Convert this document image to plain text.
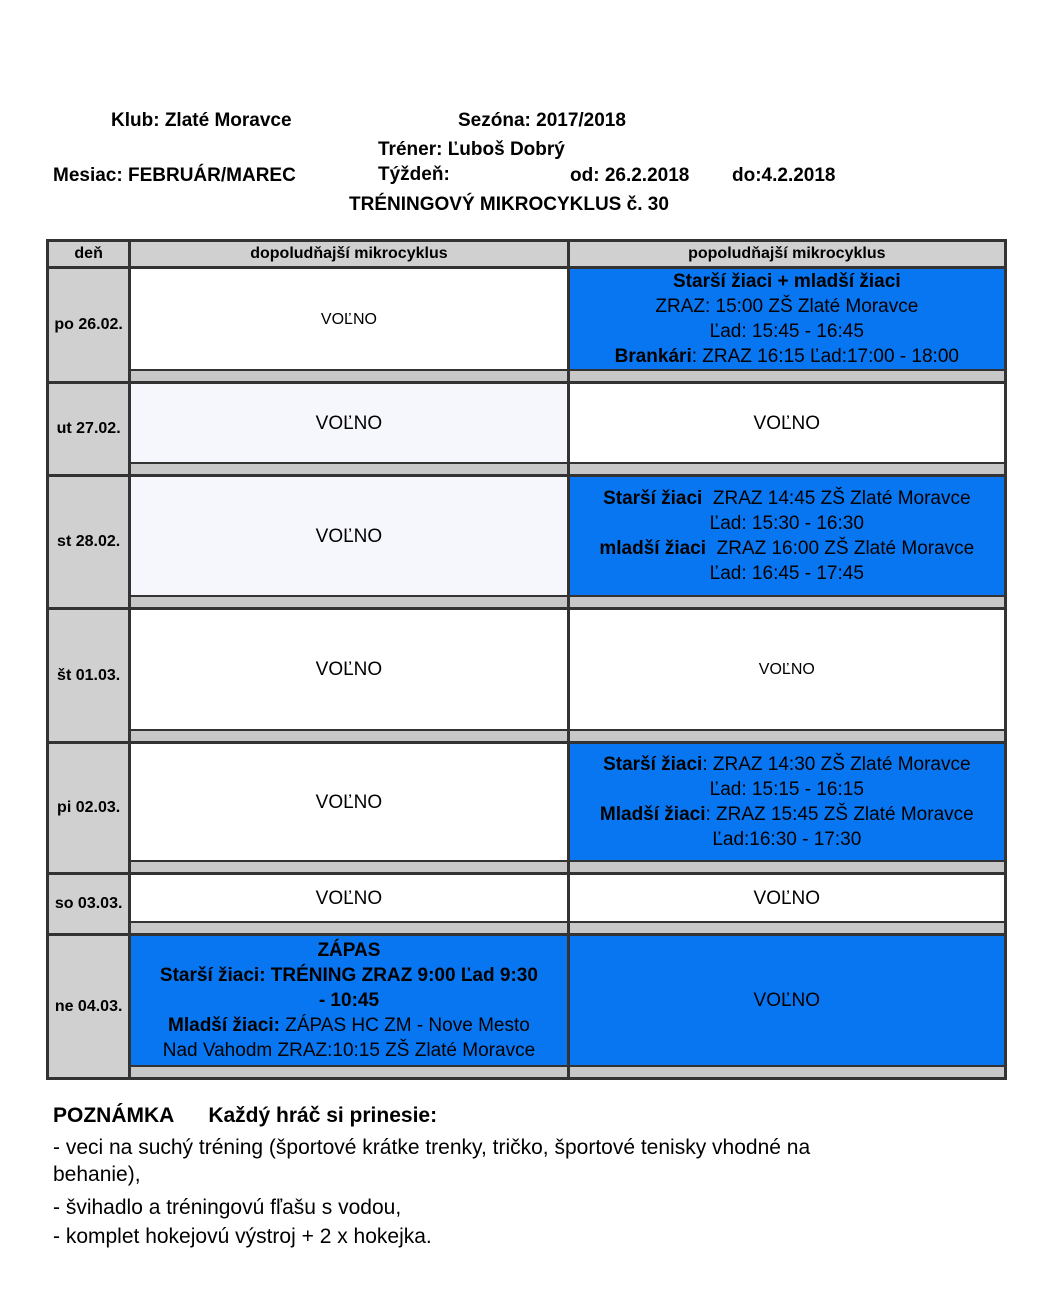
Klub: Zlaté Moravce	Sezóna: 2017/2018
Tréner: Ľuboš Dobrý
Mesiac: FEBRUÁR/MAREC	Týždeň:	od: 26.2.2018 do:4.2.2018
TRÉNINGOVÝ MIKROCYKLUS č. 30
deň	dopoludňajší mikrocyklus	popoludňajší mikrocyklus
po 26.02.	VOĽNO	Starší žiaci + mladší žiaci
ZRAZ: 15:00 ZŠ Zlaté Moravce
Ľad: 15:45 - 16:45
Brankári: ZRAZ 16:15 Ľad:17:00 - 18:00

ut 27.02.	VOĽNO	VOĽNO

st 28.02.	VOĽNO	Starší žiaci  ZRAZ 14:45 ZŠ Zlaté Moravce
Ľad: 15:30 - 16:30
mladší žiaci  ZRAZ 16:00 ZŠ Zlaté Moravce
Ľad: 16:45 - 17:45

št 01.03.	VOĽNO	VOĽNO

pi 02.03.	VOĽNO	Starší žiaci: ZRAZ 14:30 ZŠ Zlaté Moravce
Ľad: 15:15 - 16:15
Mladší žiaci: ZRAZ 15:45 ZŠ Zlaté Moravce
Ľad:16:30 - 17:30

so 03.03.	VOĽNO	VOĽNO

ne 04.03.	ZÁPAS
Starší žiaci: TRÉNING ZRAZ 9:00 Ľad 9:30
- 10:45
Mladší žiaci: ZÁPAS HC ZM - Nove Mesto
Nad Vahodm ZRAZ:10:15 ZŠ Zlaté Moravce	VOĽNO
POZNÁMKA Každý hráč si prinesie:
- veci na suchý tréning (športové krátke trenky, tričko, športové tenisky vhodné na
behanie),
- švihadlo a tréningovú fľašu s vodou,
- komplet hokejovú výstroj + 2 x hokejka.
